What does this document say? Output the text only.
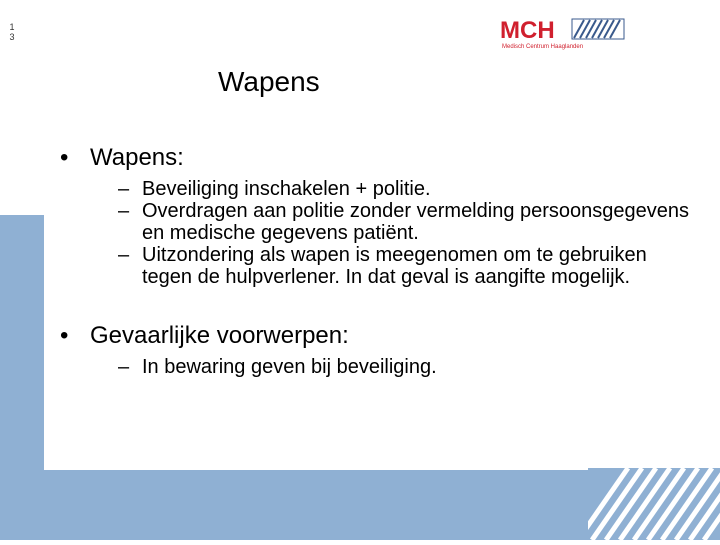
1
3	MCH
Medisch Centrum Haaglanden
Wapens
• Wapens:
– Beveiliging inschakelen + politie.
– Overdragen aan politie zonder vermelding persoonsgegevens en medische gegevens patiënt.
– Uitzondering als wapen is meegenomen om te gebruiken tegen de hulpverlener. In dat geval is aangifte mogelijk.
• Gevaarlijke voorwerpen:
– In bewaring geven bij beveiliging.
